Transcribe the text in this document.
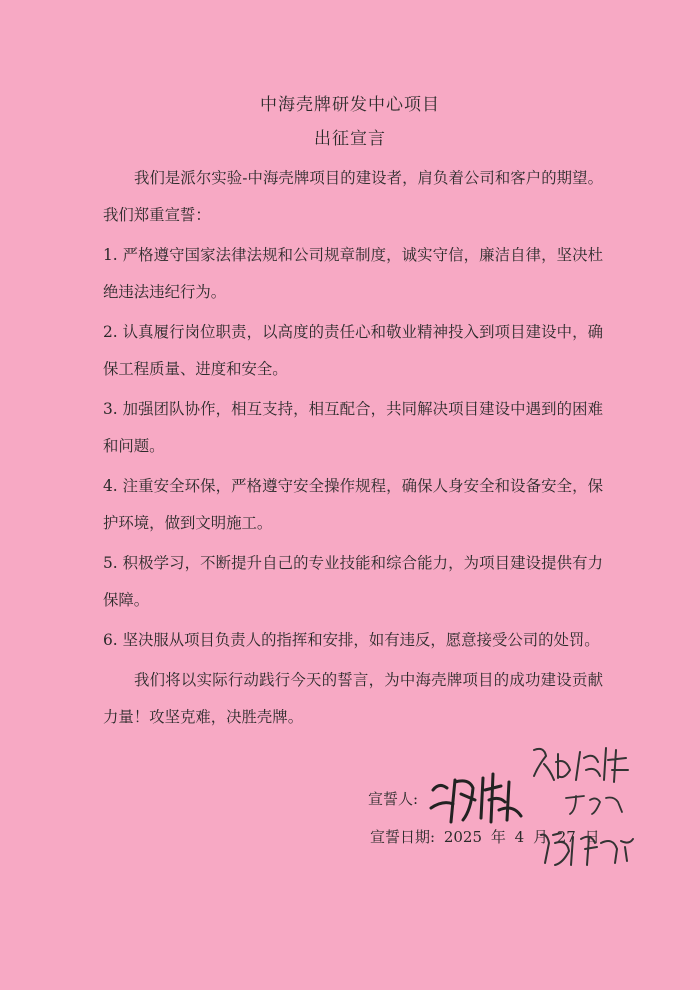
中海壳牌研发中心项目
出征宣言

我们是派尔实验-中海壳牌项目的建设者，肩负着公司和客户的期望。我们郑重宣誓：

1. 严格遵守国家法律法规和公司规章制度，诚实守信，廉洁自律，坚决杜绝违法违纪行为。

2. 认真履行岗位职责，以高度的责任心和敬业精神投入到项目建设中，确保工程质量、进度和安全。

3. 加强团队协作，相互支持，相互配合，共同解决项目建设中遇到的困难和问题。

4. 注重安全环保，严格遵守安全操作规程，确保人身安全和设备安全，保护环境，做到文明施工。

5. 积极学习，不断提升自己的专业技能和综合能力，为项目建设提供有力保障。

6. 坚决服从项目负责人的指挥和安排，如有违反，愿意接受公司的处罚。

我们将以实际行动践行今天的誓言，为中海壳牌项目的成功建设贡献力量！攻坚克难，决胜壳牌。

宣誓人:
宣誓日期: 2025 年 4 月 27 日
